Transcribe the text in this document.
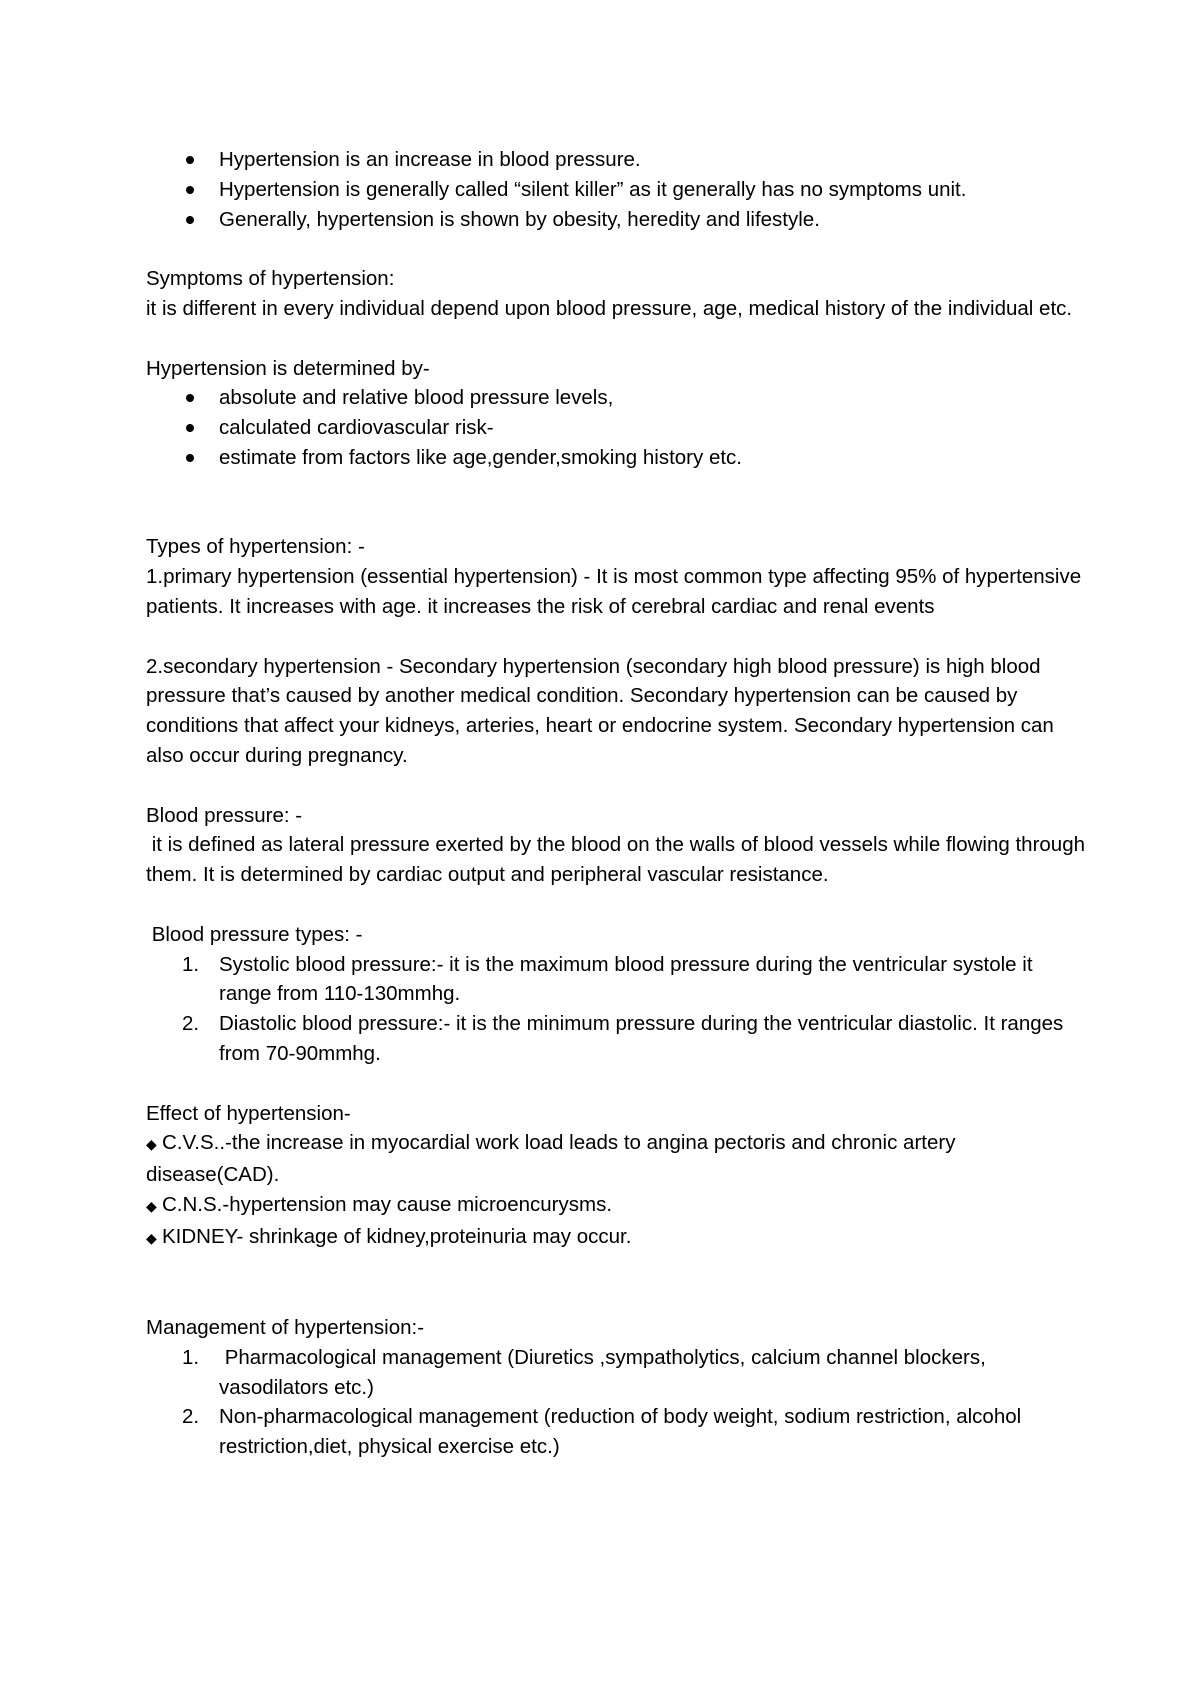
Hypertension is an increase in blood pressure.
Hypertension is generally called “silent killer” as it generally has no symptoms unit.
Generally, hypertension is shown by obesity, heredity and lifestyle.

Symptoms of hypertension:

it is different in every individual depend upon blood pressure, age, medical history of the individual etc.

Hypertension is determined by-

absolute and relative blood pressure levels,
calculated cardiovascular risk-
estimate from factors like age,gender,smoking history etc.

Types of hypertension: -

1.primary hypertension (essential hypertension) - It is most common type affecting 95% of hypertensive patients. It increases with age. it increases the risk of cerebral cardiac and renal events

2.secondary hypertension - Secondary hypertension (secondary high blood pressure) is high blood pressure that’s caused by another medical condition. Secondary hypertension can be caused by conditions that affect your kidneys, arteries, heart or endocrine system. Secondary hypertension can also occur during pregnancy.

Blood pressure: -

it is defined as lateral pressure exerted by the blood on the walls of blood vessels while flowing through them. It is determined by cardiac output and peripheral vascular resistance.

Blood pressure types: -

1. Systolic blood pressure:- it is the maximum blood pressure during the ventricular systole it range from 110-130mmhg.
2. Diastolic blood pressure:- it is the minimum pressure during the ventricular diastolic. It ranges from 70-90mmhg.

Effect of hypertension-

◆ C.V.S..-the increase in myocardial work load leads to angina pectoris and chronic artery disease(CAD).

◆ C.N.S.-hypertension may cause microencurysms.

◆ KIDNEY- shrinkage of kidney,proteinuria may occur.

Management of hypertension:-

1. Pharmacological management (Diuretics ,sympatholytics, calcium channel blockers, vasodilators etc.)
2. Non-pharmacological management (reduction of body weight, sodium restriction, alcohol restriction,diet, physical exercise etc.)
